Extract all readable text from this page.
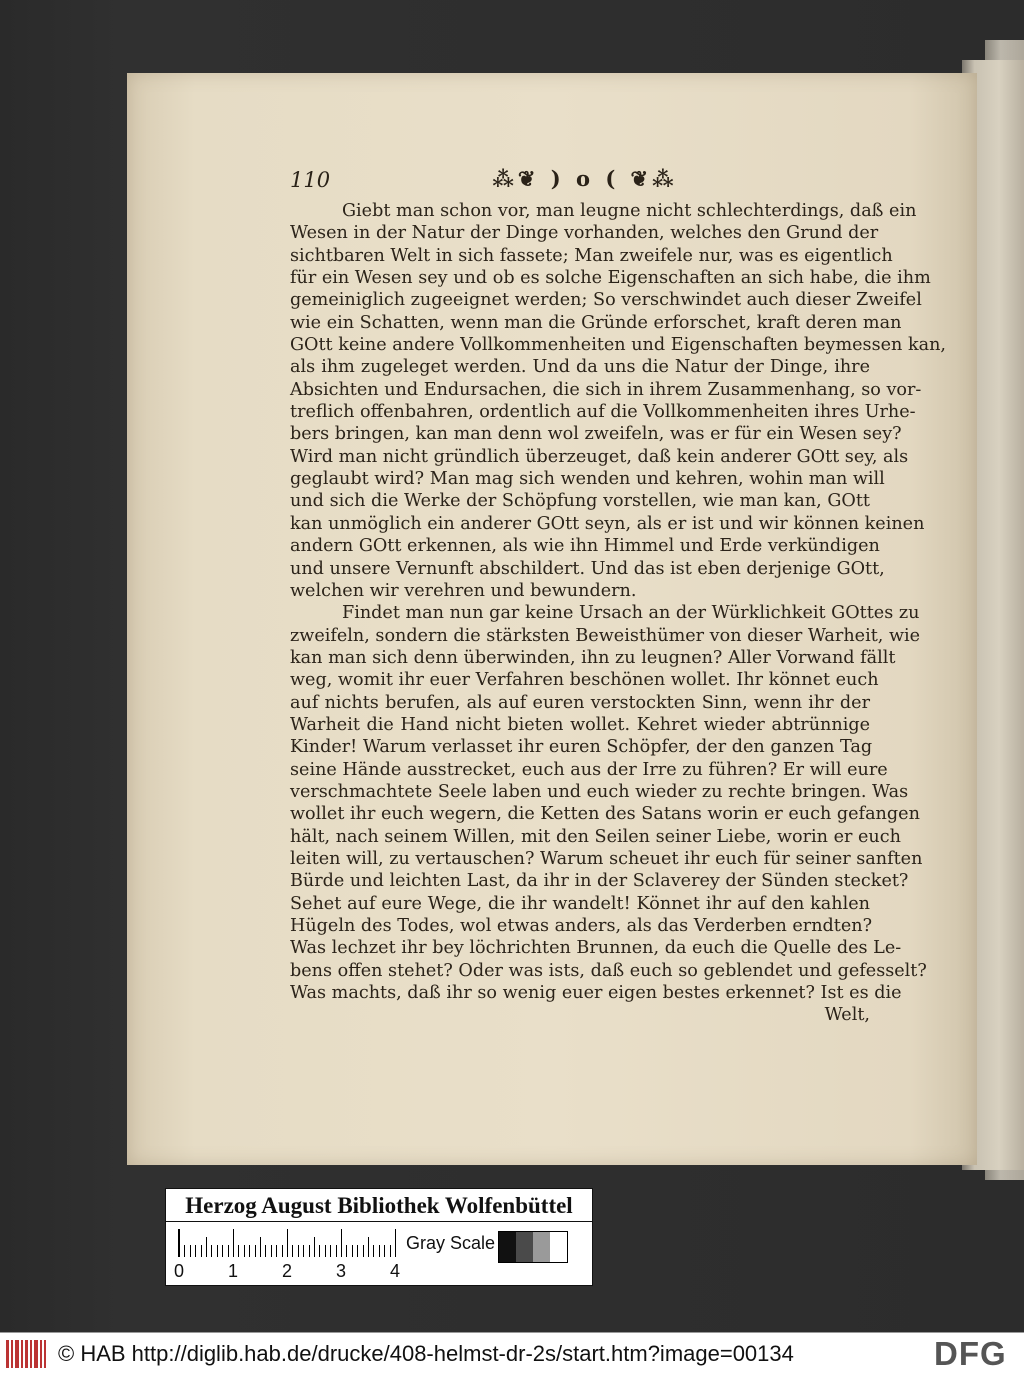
110	⁂❦ ) o ( ❦⁂
Giebt man schon vor, man leugne nicht schlechterdings, daß ein
Wesen in der Natur der Dinge vorhanden, welches den Grund der
sichtbaren Welt in sich fassete; Man zweifele nur, was es eigentlich
für ein Wesen sey und ob es solche Eigenschaften an sich habe, die ihm
gemeiniglich zugeeignet werden; So verschwindet auch dieser Zweifel
wie ein Schatten, wenn man die Gründe erforschet, kraft deren man
GOtt keine andere Vollkommenheiten und Eigenschaften beymessen kan,
als ihm zugeleget werden. Und da uns die Natur der Dinge, ihre
Absichten und Endursachen, die sich in ihrem Zusammenhang, so vor-
treflich offenbahren, ordentlich auf die Vollkommenheiten ihres Urhe-
bers bringen, kan man denn wol zweifeln, was er für ein Wesen sey?
Wird man nicht gründlich überzeuget, daß kein anderer GOtt sey, als
geglaubt wird? Man mag sich wenden und kehren, wohin man will
und sich die Werke der Schöpfung vorstellen, wie man kan, GOtt
kan unmöglich ein anderer GOtt seyn, als er ist und wir können keinen
andern GOtt erkennen, als wie ihn Himmel und Erde verkündigen
und unsere Vernunft abschildert. Und das ist eben derjenige GOtt,
welchen wir verehren und bewundern.
Findet man nun gar keine Ursach an der Würklichkeit GOttes zu
zweifeln, sondern die stärksten Beweisthümer von dieser Warheit, wie
kan man sich denn überwinden, ihn zu leugnen? Aller Vorwand fällt
weg, womit ihr euer Verfahren beschönen wollet. Ihr könnet euch
auf nichts berufen, als auf euren verstockten Sinn, wenn ihr der
Warheit die Hand nicht bieten wollet. Kehret wieder abtrünnige
Kinder! Warum verlasset ihr euren Schöpfer, der den ganzen Tag
seine Hände ausstrecket, euch aus der Irre zu führen? Er will eure
verschmachtete Seele laben und euch wieder zu rechte bringen. Was
wollet ihr euch wegern, die Ketten des Satans worin er euch gefangen
hält, nach seinem Willen, mit den Seilen seiner Liebe, worin er euch
leiten will, zu vertauschen? Warum scheuet ihr euch für seiner sanften
Bürde und leichten Last, da ihr in der Sclaverey der Sünden stecket?
Sehet auf eure Wege, die ihr wandelt! Könnet ihr auf den kahlen
Hügeln des Todes, wol etwas anders, als das Verderben erndten?
Was lechzet ihr bey löchrichten Brunnen, da euch die Quelle des Le-
bens offen stehet? Oder was ists, daß euch so geblendet und gefesselt?
Was machts, daß ihr so wenig euer eigen bestes erkennet? Ist es die
Welt,
Herzog August Bibliothek Wolfenbüttel
0 1 2 3 4
Gray Scale
© HAB http://diglib.hab.de/drucke/408-helmst-dr-2s/start.htm?image=00134	DFG
